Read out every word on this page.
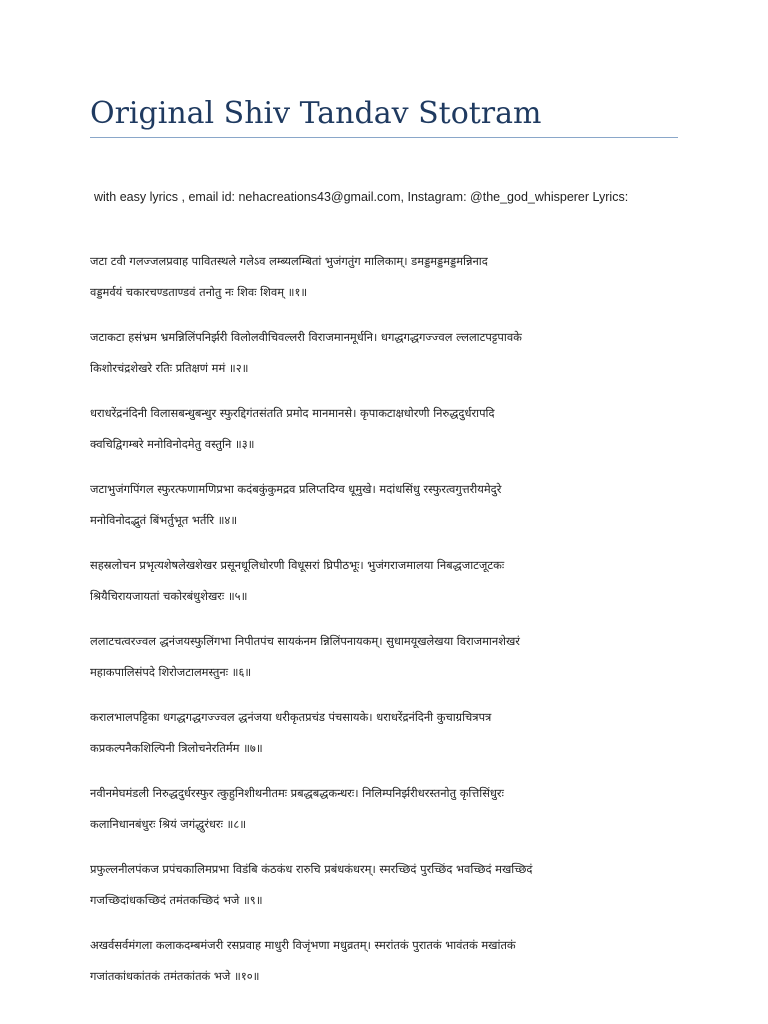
Original Shiv Tandav Stotram
with easy lyrics , email id: nehacreations43@gmail.com, Instagram: @the_god_whisperer Lyrics:
जटा टवी गलज्जलप्रवाह पावितस्थले गलेऽव लम्ब्यलम्बितां भुजंगतुंग मालिकाम्‌। डमड्डमड्डमड्डमन्निनाद
वड्डमर्वयं चकारचण्डताण्डवं तनोतु नः शिवः शिवम्‌ ॥१॥
जटाकटा हसंभ्रम भ्रमन्निलिंपनिर्झरी विलोलवीचिवल्लरी विराजमानमूर्धनि। धगद्धगद्धगज्ज्वल ल्ललाटपट्टपावके
किशोरचंद्रशेखरे रतिः प्रतिक्षणं ममं ॥२॥
धराधरेंद्रनंदिनी विलासबन्धुबन्धुर स्फुरद्दिगंतसंतति प्रमोद मानमानसे। कृपाकटाक्षधोरणी निरुद्धदुर्धरापदि
क्वचिद्विगम्बरे मनोविनोदमेतु वस्तुनि ॥३॥
जटाभुजंगपिंगल स्फुरत्फणामणिप्रभा कदंबकुंकुमद्रव प्रलिप्तदिग्व धूमुखे। मदांधसिंधु रस्फुरत्वगुत्तरीयमेदुरे
मनोविनोदद्भुतं बिंभर्तुभूत भर्तरि ॥४॥
सहस्रलोचन प्रभृत्यशेषलेखशेखर प्रसूनधूलिधोरणी विधूसरां घ्रिपीठभूः। भुजंगराजमालया निबद्धजाटजूटकः
श्रियैचिरायजायतां चकोरबंधुशेखरः ॥५॥
ललाटचत्वरज्वल द्धनंजयस्फुलिंगभा निपीतपंच सायकंनम न्निलिंपनायकम्‌। सुधामयूखलेखया विराजमानशेखरं
महाकपालिसंपदे शिरोजटालमस्तुनः ॥६॥
करालभालपट्टिका धगद्धगद्धगज्ज्वल द्धनंजया धरीकृतप्रचंड पंचसायके। धराधरेंद्रनंदिनी कुचाग्रचित्रपत्र
कप्रकल्पनैकशिल्पिनी त्रिलोचनेरतिर्मम ॥७॥
नवीनमेघमंडली निरुद्धदुर्धरस्फुर त्कुहुनिशीथनीतमः प्रबद्धबद्धकन्धरः। निलिम्पनिर्झरीधरस्तनोतु कृत्तिसिंधुरः
कलानिधानबंधुरः श्रियं जगंद्धुरंधरः ॥८॥
प्रफुल्लनीलपंकज प्रपंचकालिमप्रभा विडंबि कंठकंध रारुचि प्रबंधकंधरम्‌। स्मरच्छिदं पुरच्छिंद भवच्छिदं मखच्छिदं
गजच्छिदांधकच्छिदं तमंतकच्छिदं भजे ॥९॥
अखर्वसर्वमंगला कलाकदम्बमंजरी रसप्रवाह माधुरी विजृंभणा मधुव्रतम्‌। स्मरांतकं पुरातकं भावंतकं मखांतकं
गजांतकांधकांतकं तमंतकांतकं भजे ॥१०॥
